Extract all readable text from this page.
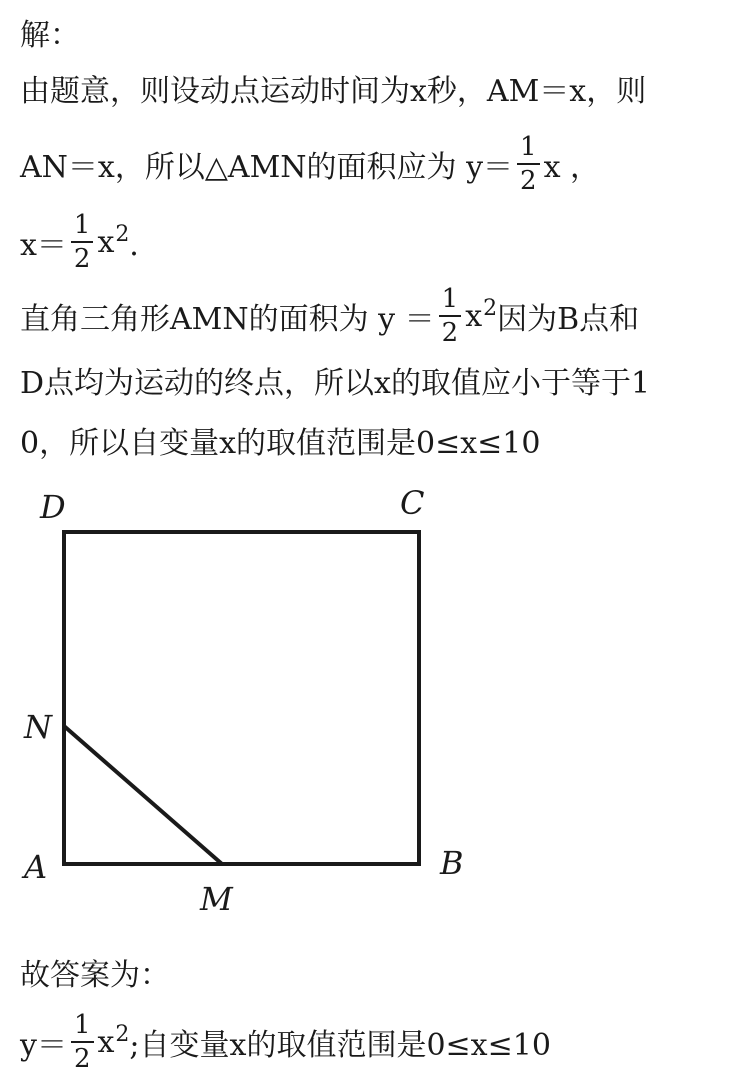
解：
由题意，则设动点运动时间为x秒，AM＝x，则
AN＝x，所以△AMN的面积应为 $y= \frac{1}{2}$ x ，
$x= \frac{1}{2} x^2$ ．
直角三角形AMN的面积为 $y = \frac{1}{2} x^2$ 因为B点和
D点均为运动的终点，所以x的取值应小于等于1
0，所以自变量x的取值范围是0≤x≤10
D	C
N
A	B
M
故答案为：
$y= \frac{1}{2} x^2$ ;自变量x的取值范围是0≤x≤10
